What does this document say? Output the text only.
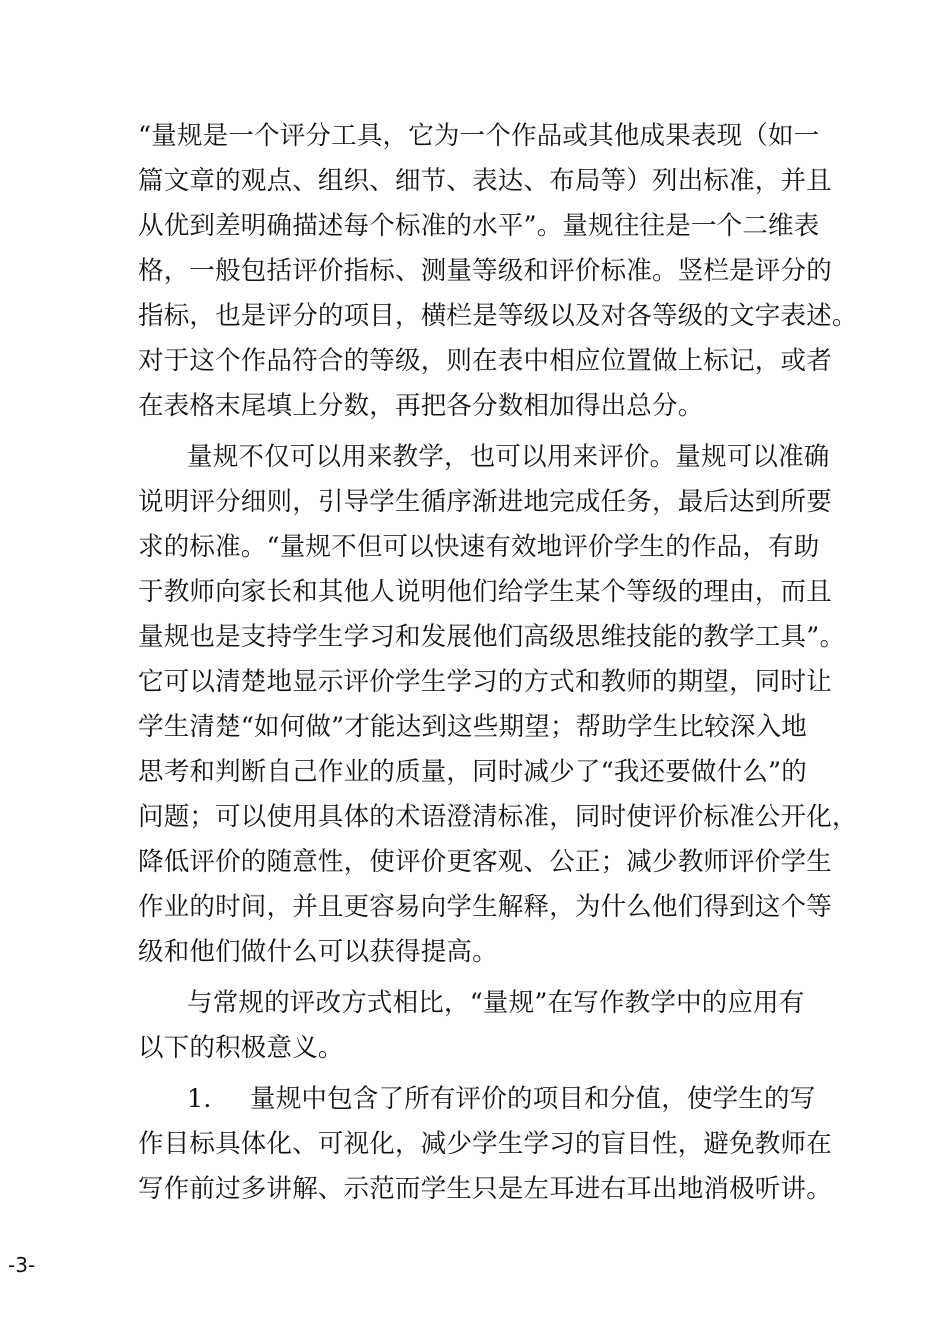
“量规是一个评分工具，它为一个作品或其他成果表现（如一
篇文章的观点、组织、细节、表达、布局等）列出标准，并且
从优到差明确描述每个标准的水平”。量规往往是一个二维表
格，一般包括评价指标、测量等级和评价标准。竖栏是评分的
指标，也是评分的项目，横栏是等级以及对各等级的文字表述。
对于这个作品符合的等级，则在表中相应位置做上标记，或者
在表格末尾填上分数，再把各分数相加得出总分。
量规不仅可以用来教学，也可以用来评价。量规可以准确
说明评分细则，引导学生循序渐进地完成任务，最后达到所要
求的标准。“量规不但可以快速有效地评价学生的作品，有助
于教师向家长和其他人说明他们给学生某个等级的理由，而且
量规也是支持学生学习和发展他们高级思维技能的教学工具”。
它可以清楚地显示评价学生学习的方式和教师的期望，同时让
学生清楚“如何做”才能达到这些期望；帮助学生比较深入地
思考和判断自己作业的质量，同时减少了“我还要做什么”的
问题；可以使用具体的术语澄清标准，同时使评价标准公开化，
降低评价的随意性，使评价更客观、公正；减少教师评价学生
作业的时间，并且更容易向学生解释，为什么他们得到这个等
级和他们做什么可以获得提高。
与常规的评改方式相比，“量规”在写作教学中的应用有
以下的积极意义。
1. 量规中包含了所有评价的项目和分值，使学生的写
作目标具体化、可视化，减少学生学习的盲目性，避免教师在
写作前过多讲解、示范而学生只是左耳进右耳出地消极听讲。
-3-
